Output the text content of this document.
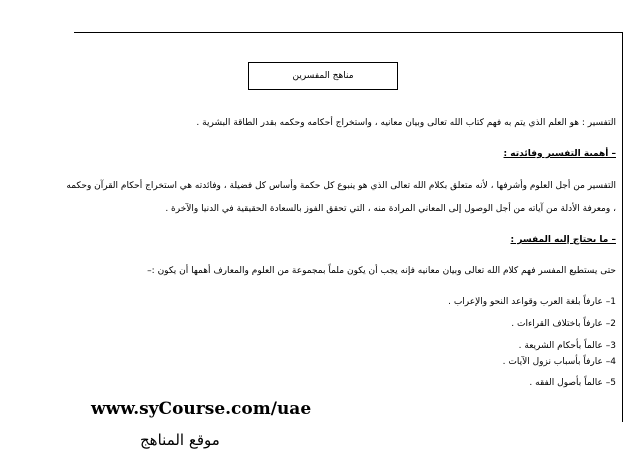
مناهج المفسرين
التفسير : هو العلم الذي يتم به فهم كتاب الله تعالى وبيان معانيه ، واستخراج أحكامه وحكمه بقدر الطاقة البشرية .
– أهمية التفسير وفائدته :
التفسير من أجل العلوم وأشرفها ، لأنه متعلق بكلام الله تعالى الذي هو ينبوع كل حكمة وأساس كل فضيلة ، وفائدته هي استخراج أحكام القرآن وحكمه
، ومعرفة الأدلة من آياته من أجل الوصول إلى المعاني المرادة منه ، التي تحقق الفوز بالسعادة الحقيقية في الدنيا والآخرة .
– ما يحتاج إليه المفسر :
حتى يستطيع المفسر فهم كلام الله تعالى وبيان معانيه فإنه يجب أن يكون ملماً بمجموعة من العلوم والمعارف أهمها أن يكون :–
1– عارفاً بلغة العرب وقواعد النحو والإعراب .
2– عارفاً باختلاف القراءات .
3– عالماً بأحكام الشريعة .
4– عارفاً بأسباب نزول الآيات .
5– عالماً بأصول الفقه .
www.syCourse.com/uae
موقع المناهج
